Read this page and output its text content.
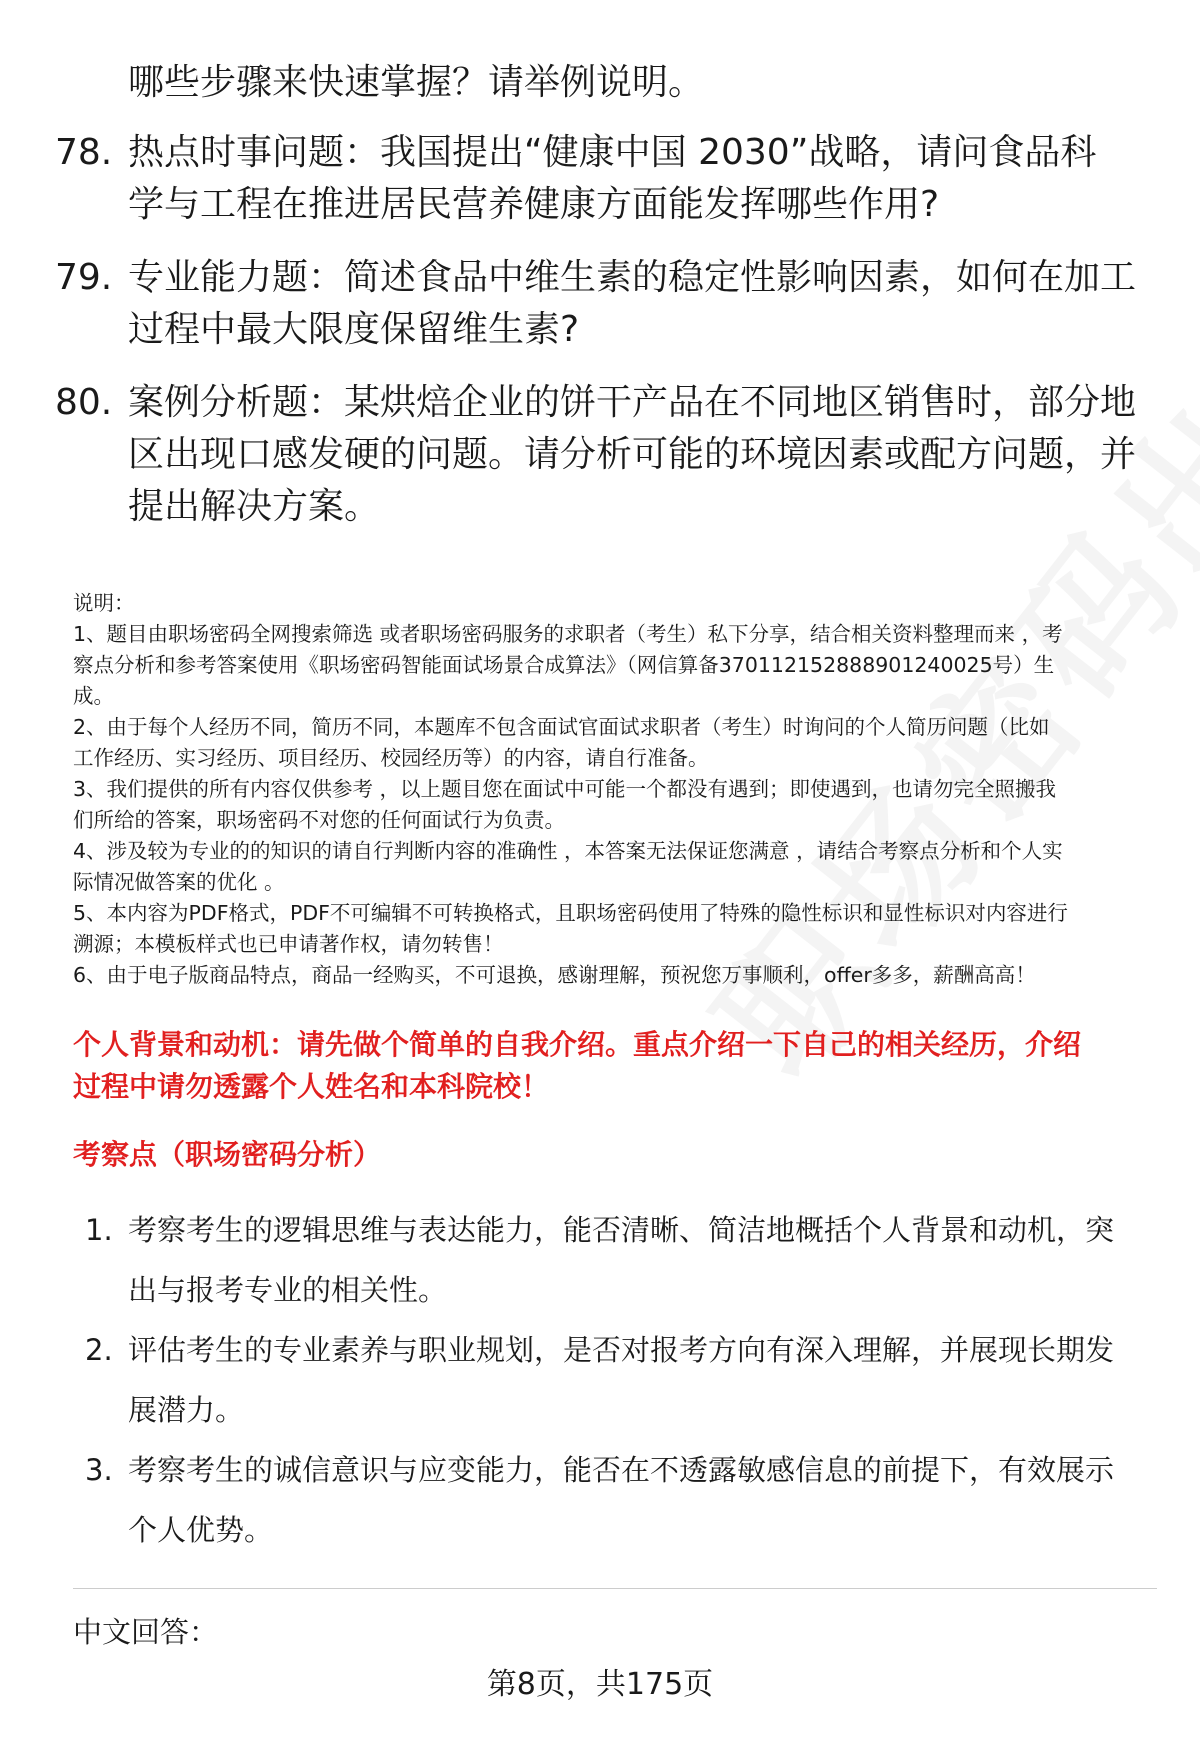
哪些步骤来快速掌握？请举例说明。
78. 热点时事问题：我国提出“健康中国 2030”战略，请问食品科
学与工程在推进居民营养健康方面能发挥哪些作用?
79. 专业能力题：简述食品中维生素的稳定性影响因素，如何在加工
过程中最大限度保留维生素?
80. 案例分析题：某烘焙企业的饼干产品在不同地区销售时，部分地
区出现口感发硬的问题。请分析可能的环境因素或配方问题，并
提出解决方案。
说明：
1、题目由职场密码全网搜索筛选 或者职场密码服务的求职者（考生）私下分享，结合相关资料整理而来 ，考
察点分析和参考答案使用《职场密码智能面试场景合成算法》（网信算备370112152888901240025号）生
成。
2、由于每个人经历不同，简历不同，本题库不包含面试官面试求职者（考生）时询问的个人简历问题（比如
工作经历、实习经历、项目经历、校园经历等）的内容，请自行准备。
3、我们提供的所有内容仅供参考 ，以上题目您在面试中可能一个都没有遇到；即使遇到，也请勿完全照搬我
们所给的答案，职场密码不对您的任何面试行为负责。
4、涉及较为专业的的知识的请自行判断内容的准确性 ，本答案无法保证您满意 ，请结合考察点分析和个人实
际情况做答案的优化 。
5、本内容为PDF格式，PDF不可编辑不可转换格式，且职场密码使用了特殊的隐性标识和显性标识对内容进行
溯源；本模板样式也已申请著作权，请勿转售！
6、由于电子版商品特点，商品一经购买，不可退换，感谢理解，预祝您万事顺利，offer多多，薪酬高高！
个人背景和动机：请先做个简单的自我介绍。重点介绍一下自己的相关经历，介绍
过程中请勿透露个人姓名和本科院校！
考察点（职场密码分析）
1. 考察考生的逻辑思维与表达能力，能否清晰、简洁地概括个人背景和动机，突
出与报考专业的相关性。
2. 评估考生的专业素养与职业规划，是否对报考方向有深入理解，并展现长期发
展潜力。
3. 考察考生的诚信意识与应变能力，能否在不透露敏感信息的前提下，有效展示
个人优势。
中文回答：
第8页，共175页
